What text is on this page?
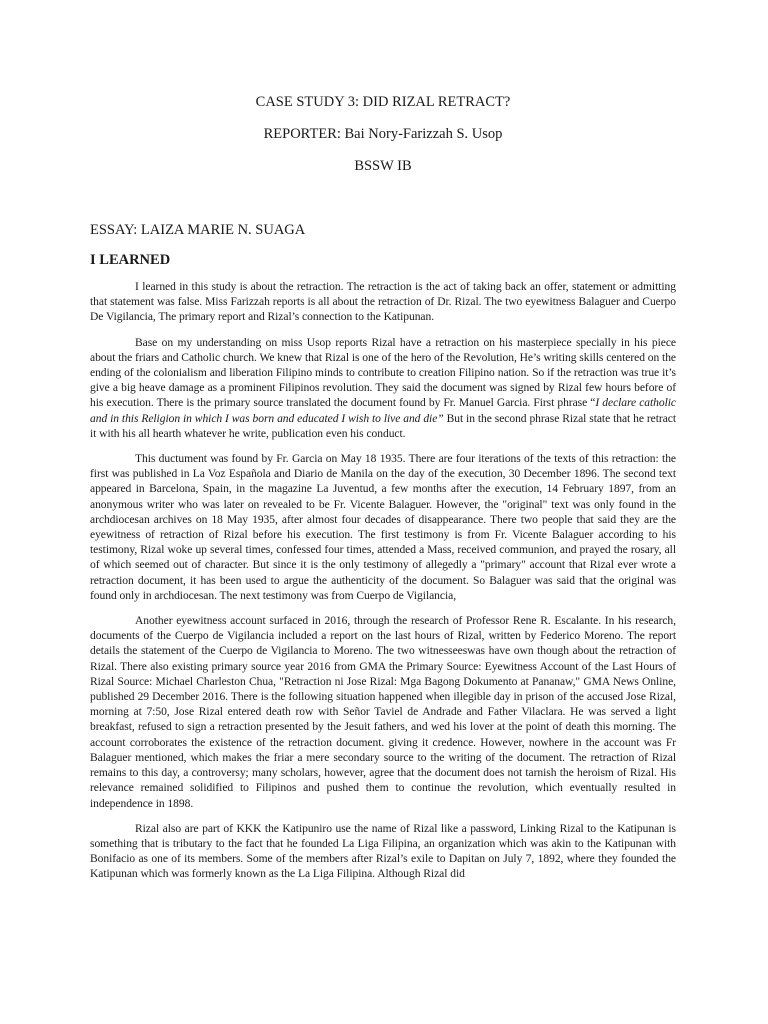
CASE STUDY 3: DID RIZAL RETRACT?

REPORTER: Bai Nory-Farizzah S. Usop

BSSW IB

ESSAY: LAIZA MARIE N. SUAGA

I LEARNED

I learned in this study is about the retraction. The retraction is the act of taking back an offer, statement or admitting that statement was false. Miss Farizzah reports is all about the retraction of Dr. Rizal. The two eyewitness Balaguer and Cuerpo De Vigilancia, The primary report and Rizal’s connection to the Katipunan.

Base on my understanding on miss Usop reports Rizal have a retraction on his masterpiece specially in his piece about the friars and Catholic church. We knew that Rizal is one of the hero of the Revolution, He’s writing skills centered on the ending of the colonialism and liberation Filipino minds to contribute to creation Filipino nation. So if the retraction was true it’s give a big heave damage as a prominent Filipinos revolution. They said the document was signed by Rizal few hours before of his execution. There is the primary source translated the document found by Fr. Manuel Garcia. First phrase “I declare catholic and in this Religion in which I was born and educated I wish to live and die” But in the second phrase Rizal state that he retract it with his all hearth whatever he write, publication even his conduct.

This ductument was found by Fr. Garcia on May 18 1935. There are four iterations of the texts of this retraction: the first was published in La Voz Española and Diario de Manila on the day of the execution, 30 December 1896. The second text appeared in Barcelona, Spain, in the magazine La Juventud, a few months after the execution, 14 February 1897, from an anonymous writer who was later on revealed to be Fr. Vicente Balaguer. However, the "original" text was only found in the archdiocesan archives on 18 May 1935, after almost four decades of disappearance. There two people that said they are the eyewitness of retraction of Rizal before his execution. The first testimony is from Fr. Vicente Balaguer according to his testimony, Rizal woke up several times, confessed four times, attended a Mass, received communion, and prayed the rosary, all of which seemed out of character. But since it is the only testimony of allegedly a "primary" account that Rizal ever wrote a retraction document, it has been used to argue the authenticity of the document. So Balaguer was said that the original was found only in archdiocesan. The next testimony was from Cuerpo de Vigilancia,

Another eyewitness account surfaced in 2016, through the research of Professor Rene R. Escalante. In his research, documents of the Cuerpo de Vigilancia included a report on the last hours of Rizal, written by Federico Moreno. The report details the statement of the Cuerpo de Vigilancia to Moreno. The two witnesseeswas have own though about the retraction of Rizal. There also existing primary source year 2016 from GMA the Primary Source: Eyewitness Account of the Last Hours of Rizal Source: Michael Charleston Chua, "Retraction ni Jose Rizal: Mga Bagong Dokumento at Pananaw," GMA News Online, published 29 December 2016. There is the following situation happened when illegible day in prison of the accused Jose Rizal, morning at 7:50, Jose Rizal entered death row with Señor Taviel de Andrade and Father Vilaclara. He was served a light breakfast, refused to sign a retraction presented by the Jesuit fathers, and wed his lover at the point of death this morning. The account corroborates the existence of the retraction document. giving it credence. However, nowhere in the account was Fr Balaguer mentioned, which makes the friar a mere secondary source to the writing of the document. The retraction of Rizal remains to this day, a controversy; many scholars, however, agree that the document does not tarnish the heroism of Rizal. His relevance remained solidified to Filipinos and pushed them to continue the revolution, which eventually resulted in independence in 1898.

Rizal also are part of KKK the Katipuniro use the name of Rizal like a password, Linking Rizal to the Katipunan is something that is tributary to the fact that he founded La Liga Filipina, an organization which was akin to the Katipunan with Bonifacio as one of its members. Some of the members after Rizal’s exile to Dapitan on July 7, 1892, where they founded the Katipunan which was formerly known as the La Liga Filipina. Although Rizal did
